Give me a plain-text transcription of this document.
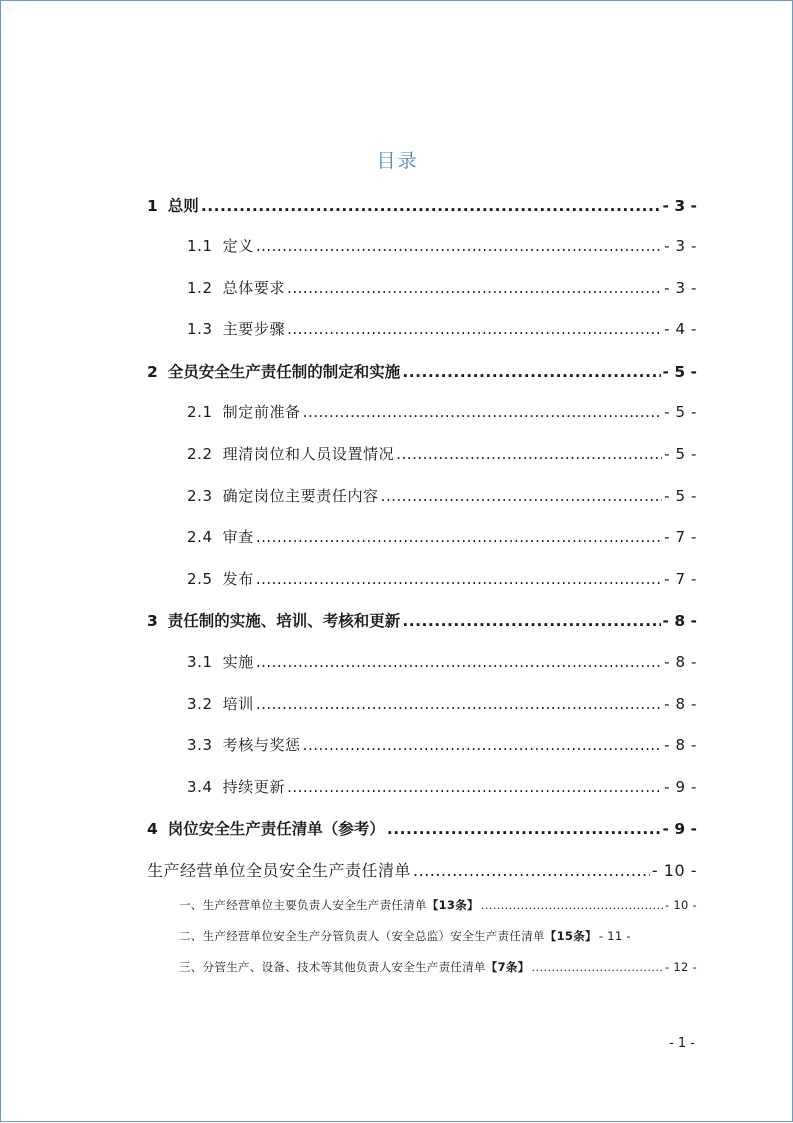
目录
1 总则 .....	- 3 -
1.1 定义 .....	- 3 -
1.2 总体要求 .....	- 3 -
1.3 主要步骤 .....	- 4 -
2 全员安全生产责任制的制定和实施 .....	- 5 -
2.1 制定前准备 .....	- 5 -
2.2 理清岗位和人员设置情况 .....	- 5 -
2.3 确定岗位主要责任内容 .....	- 5 -
2.4 审查 .....	- 7 -
2.5 发布 .....	- 7 -
3 责任制的实施、培训、考核和更新 .....	- 8 -
3.1 实施 .....	- 8 -
3.2 培训 .....	- 8 -
3.3 考核与奖惩 .....	- 8 -
3.4 持续更新 .....	- 9 -
4 岗位安全生产责任清单（参考） .....	- 9 -
生产经营单位全员安全生产责任清单 .....	- 10 -
一、生产经营单位主要负责人安全生产责任清单 【13条】 .....	- 10 -
二、生产经营单位安全生产分管负责人（安全总监）安全生产责任清单 【15条】 - 11 -
三、分管生产、设备、技术等其他负责人安全生产责任清单 【7条】 .....	- 12 -
- 1 -
